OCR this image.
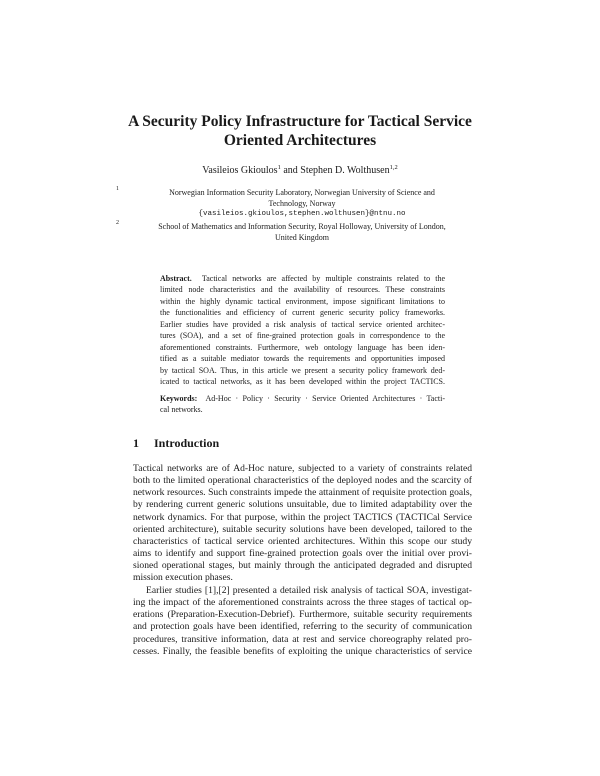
A Security Policy Infrastructure for Tactical Service
Oriented Architectures
Vasileios Gkioulos$^1$ and Stephen D. Wolthusen$^{1,2}$
1	Norwegian Information Security Laboratory, Norwegian University of Science and
Technology, Norway
{vasileios.gkioulos,stephen.wolthusen}@ntnu.no
2	School of Mathematics and Information Security, Royal Holloway, University of London,
United Kingdom
Abstract. Tactical networks are affected by multiple constraints related to the
limited node characteristics and the availability of resources. These constraints
within the highly dynamic tactical environment, impose significant limitations to
the functionalities and efficiency of current generic security policy frameworks.
Earlier studies have provided a risk analysis of tactical service oriented architec-
tures (SOA), and a set of fine-grained protection goals in correspondence to the
aforementioned constraints. Furthermore, web ontology language has been iden-
tified as a suitable mediator towards the requirements and opportunities imposed
by tactical SOA. Thus, in this article we present a security policy framework ded-
icated to tactical networks, as it has been developed within the project TACTICS.
Keywords: Ad-Hoc · Policy · Security · Service Oriented Architectures · Tacti-
cal networks.
1 Introduction
Tactical networks are of Ad-Hoc nature, subjected to a variety of constraints related
both to the limited operational characteristics of the deployed nodes and the scarcity of
network resources. Such constraints impede the attainment of requisite protection goals,
by rendering current generic solutions unsuitable, due to limited adaptability over the
network dynamics. For that purpose, within the project TACTICS (TACTICal Service
oriented architecture), suitable security solutions have been developed, tailored to the
characteristics of tactical service oriented architectures. Within this scope our study
aims to identify and support fine-grained protection goals over the initial over provi-
sioned operational stages, but mainly through the anticipated degraded and disrupted
mission execution phases.
Earlier studies [1],[2] presented a detailed risk analysis of tactical SOA, investigat-
ing the impact of the aforementioned constraints across the three stages of tactical op-
erations (Preparation-Execution-Debrief). Furthermore, suitable security requirements
and protection goals have been identified, referring to the security of communication
procedures, transitive information, data at rest and service choreography related pro-
cesses. Finally, the feasible benefits of exploiting the unique characteristics of service
